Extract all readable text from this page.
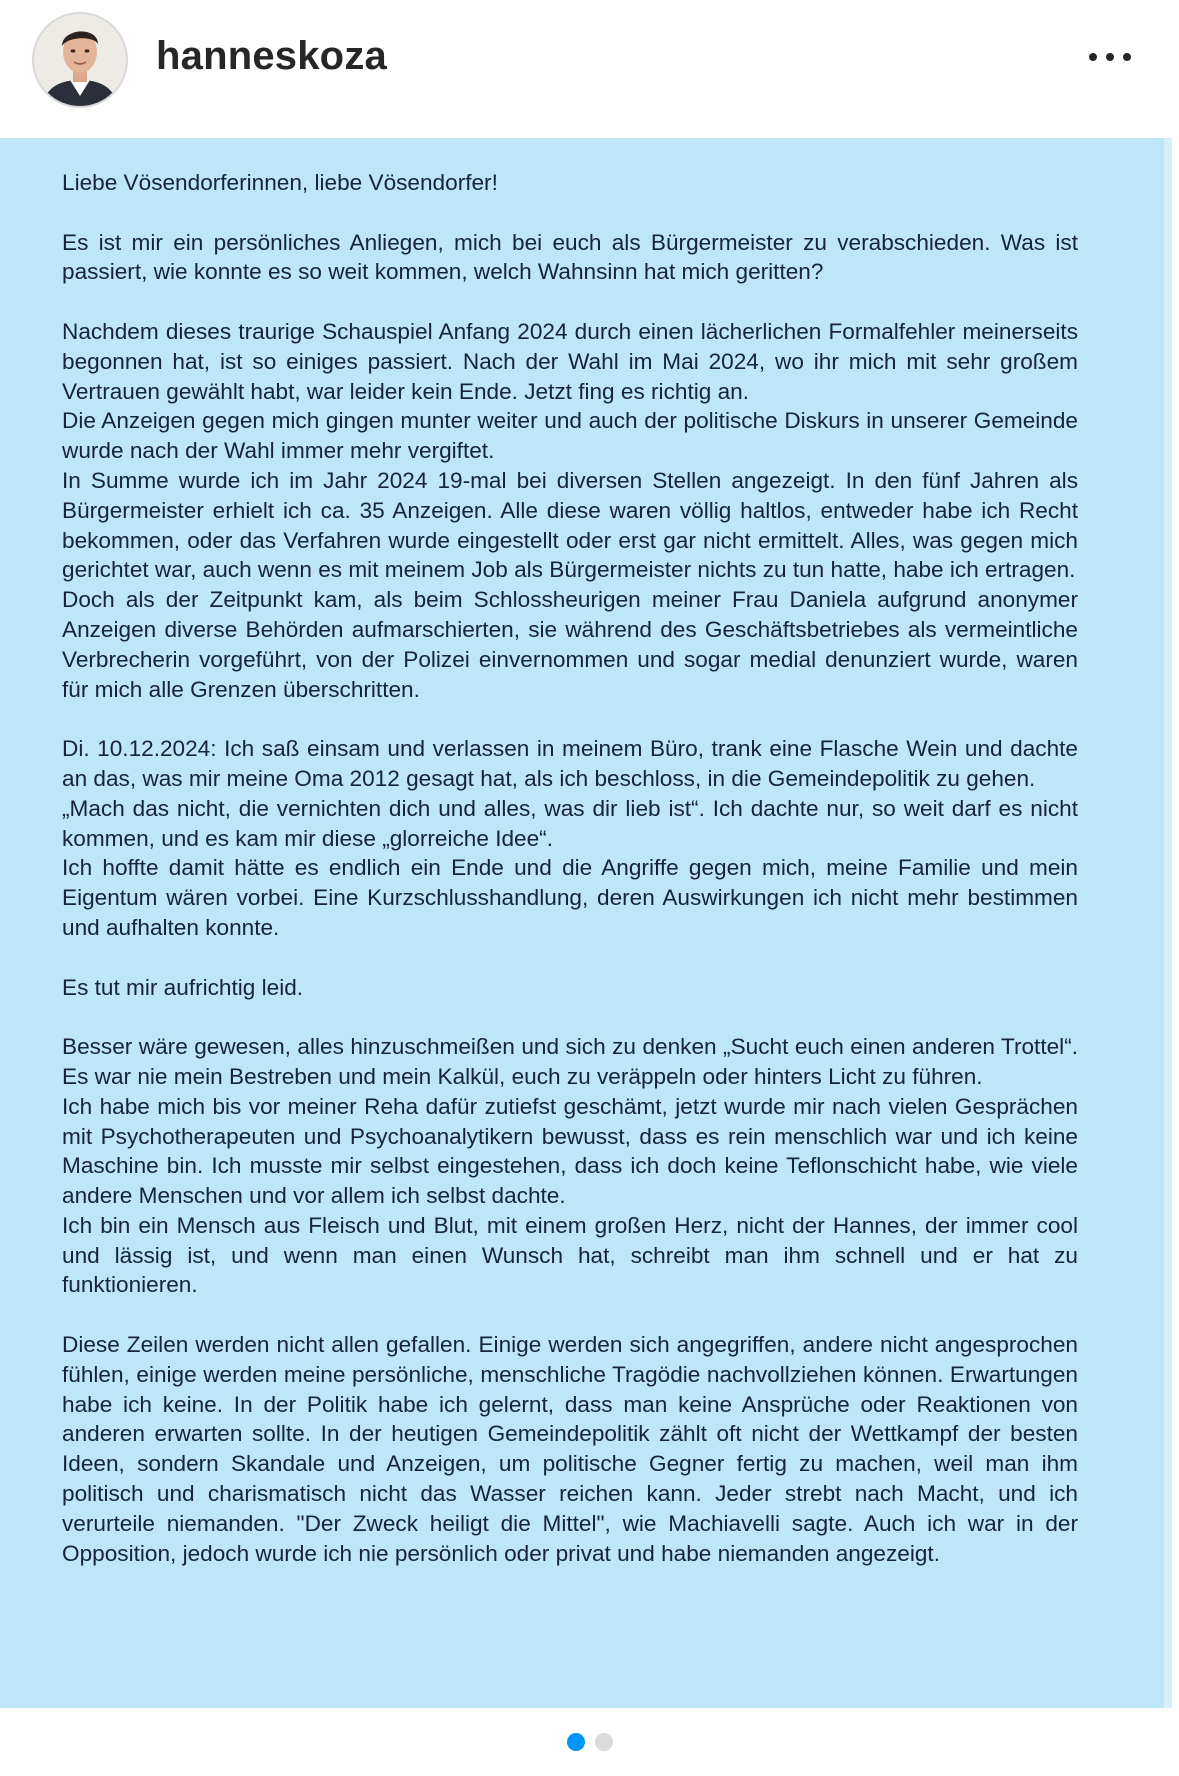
hanneskoza

Liebe Vösendorferinnen, liebe Vösendorfer!

Es ist mir ein persönliches Anliegen, mich bei euch als Bürgermeister zu verabschieden. Was ist passiert, wie konnte es so weit kommen, welch Wahnsinn hat mich geritten?

Nachdem dieses traurige Schauspiel Anfang 2024 durch einen lächerlichen Formalfehler meinerseits begonnen hat, ist so einiges passiert. Nach der Wahl im Mai 2024, wo ihr mich mit sehr großem Vertrauen gewählt habt, war leider kein Ende. Jetzt fing es richtig an.
Die Anzeigen gegen mich gingen munter weiter und auch der politische Diskurs in unserer Gemeinde wurde nach der Wahl immer mehr vergiftet.
In Summe wurde ich im Jahr 2024 19-mal bei diversen Stellen angezeigt. In den fünf Jahren als Bürgermeister erhielt ich ca. 35 Anzeigen. Alle diese waren völlig haltlos, entweder habe ich Recht bekommen, oder das Verfahren wurde eingestellt oder erst gar nicht ermittelt. Alles, was gegen mich gerichtet war, auch wenn es mit meinem Job als Bürgermeister nichts zu tun hatte, habe ich ertragen.
Doch als der Zeitpunkt kam, als beim Schlossheurigen meiner Frau Daniela aufgrund anonymer Anzeigen diverse Behörden aufmarschierten, sie während des Geschäftsbetriebes als vermeintliche Verbrecherin vorgeführt, von der Polizei einvernommen und sogar medial denunziert wurde, waren für mich alle Grenzen überschritten.
Di. 10.12.2024: Ich saß einsam und verlassen in meinem Büro, trank eine Flasche Wein und dachte an das, was mir meine Oma 2012 gesagt hat, als ich beschloss, in die Gemeindepolitik zu gehen.
„Mach das nicht, die vernichten dich und alles, was dir lieb ist“. Ich dachte nur, so weit darf es nicht kommen, und es kam mir diese „glorreiche Idee“.
Ich hoffte damit hätte es endlich ein Ende und die Angriffe gegen mich, meine Familie und mein Eigentum wären vorbei. Eine Kurzschlusshandlung, deren Auswirkungen ich nicht mehr bestimmen und aufhalten konnte.

Es tut mir aufrichtig leid.

Besser wäre gewesen, alles hinzuschmeißen und sich zu denken „Sucht euch einen anderen Trottel“. Es war nie mein Bestreben und mein Kalkül, euch zu veräppeln oder hinters Licht zu führen.
Ich habe mich bis vor meiner Reha dafür zutiefst geschämt, jetzt wurde mir nach vielen Gesprächen mit Psychotherapeuten und Psychoanalytikern bewusst, dass es rein menschlich war und ich keine Maschine bin. Ich musste mir selbst eingestehen, dass ich doch keine Teflonschicht habe, wie viele andere Menschen und vor allem ich selbst dachte.
Ich bin ein Mensch aus Fleisch und Blut, mit einem großen Herz, nicht der Hannes, der immer cool und lässig ist, und wenn man einen Wunsch hat, schreibt man ihm schnell und er hat zu funktionieren.

Diese Zeilen werden nicht allen gefallen. Einige werden sich angegriffen, andere nicht angesprochen fühlen, einige werden meine persönliche, menschliche Tragödie nachvollziehen können. Erwartungen habe ich keine. In der Politik habe ich gelernt, dass man keine Ansprüche oder Reaktionen von anderen erwarten sollte. In der heutigen Gemeindepolitik zählt oft nicht der Wettkampf der besten Ideen, sondern Skandale und Anzeigen, um politische Gegner fertig zu machen, weil man ihm politisch und charismatisch nicht das Wasser reichen kann. Jeder strebt nach Macht, und ich verurteile niemanden. "Der Zweck heiligt die Mittel", wie Machiavelli sagte. Auch ich war in der Opposition, jedoch wurde ich nie persönlich oder privat und habe niemanden angezeigt.
